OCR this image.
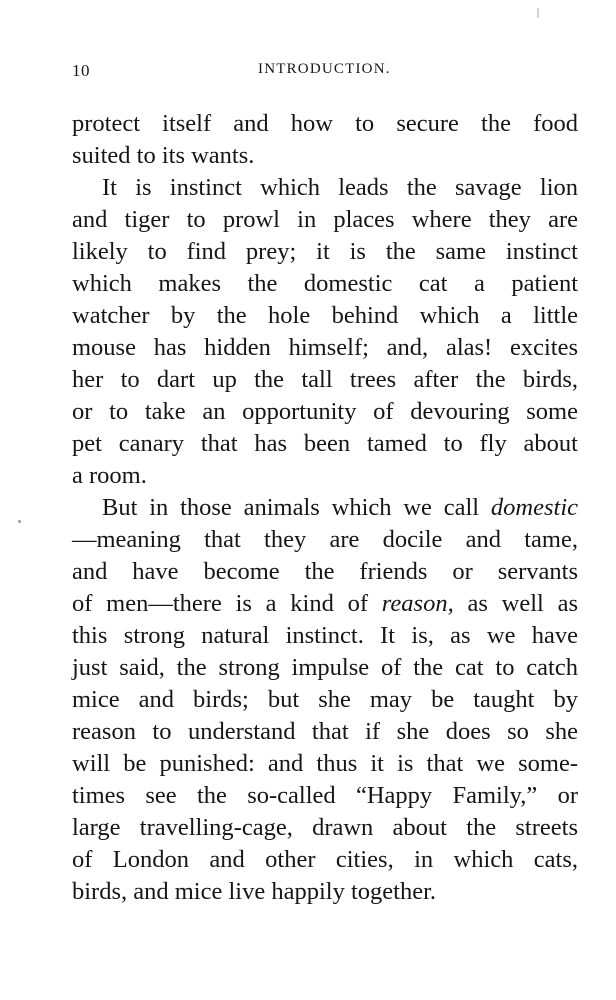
10	INTRODUCTION.
protect itself and how to secure the food
suited to its wants.
It is instinct which leads the savage lion
and tiger to prowl in places where they are
likely to find prey; it is the same instinct
which makes the domestic cat a patient
watcher by the hole behind which a little
mouse has hidden himself; and, alas! excites
her to dart up the tall trees after the birds,
or to take an opportunity of devouring some
pet canary that has been tamed to fly about
a room.
But in those animals which we call domestic
—meaning that they are docile and tame,
and have become the friends or servants
of men—there is a kind of reason, as well as
this strong natural instinct. It is, as we have
just said, the strong impulse of the cat to catch
mice and birds; but she may be taught by
reason to understand that if she does so she
will be punished: and thus it is that we some-
times see the so-called “Happy Family,” or
large travelling-cage, drawn about the streets
of London and other cities, in which cats,
birds, and mice live happily together.
